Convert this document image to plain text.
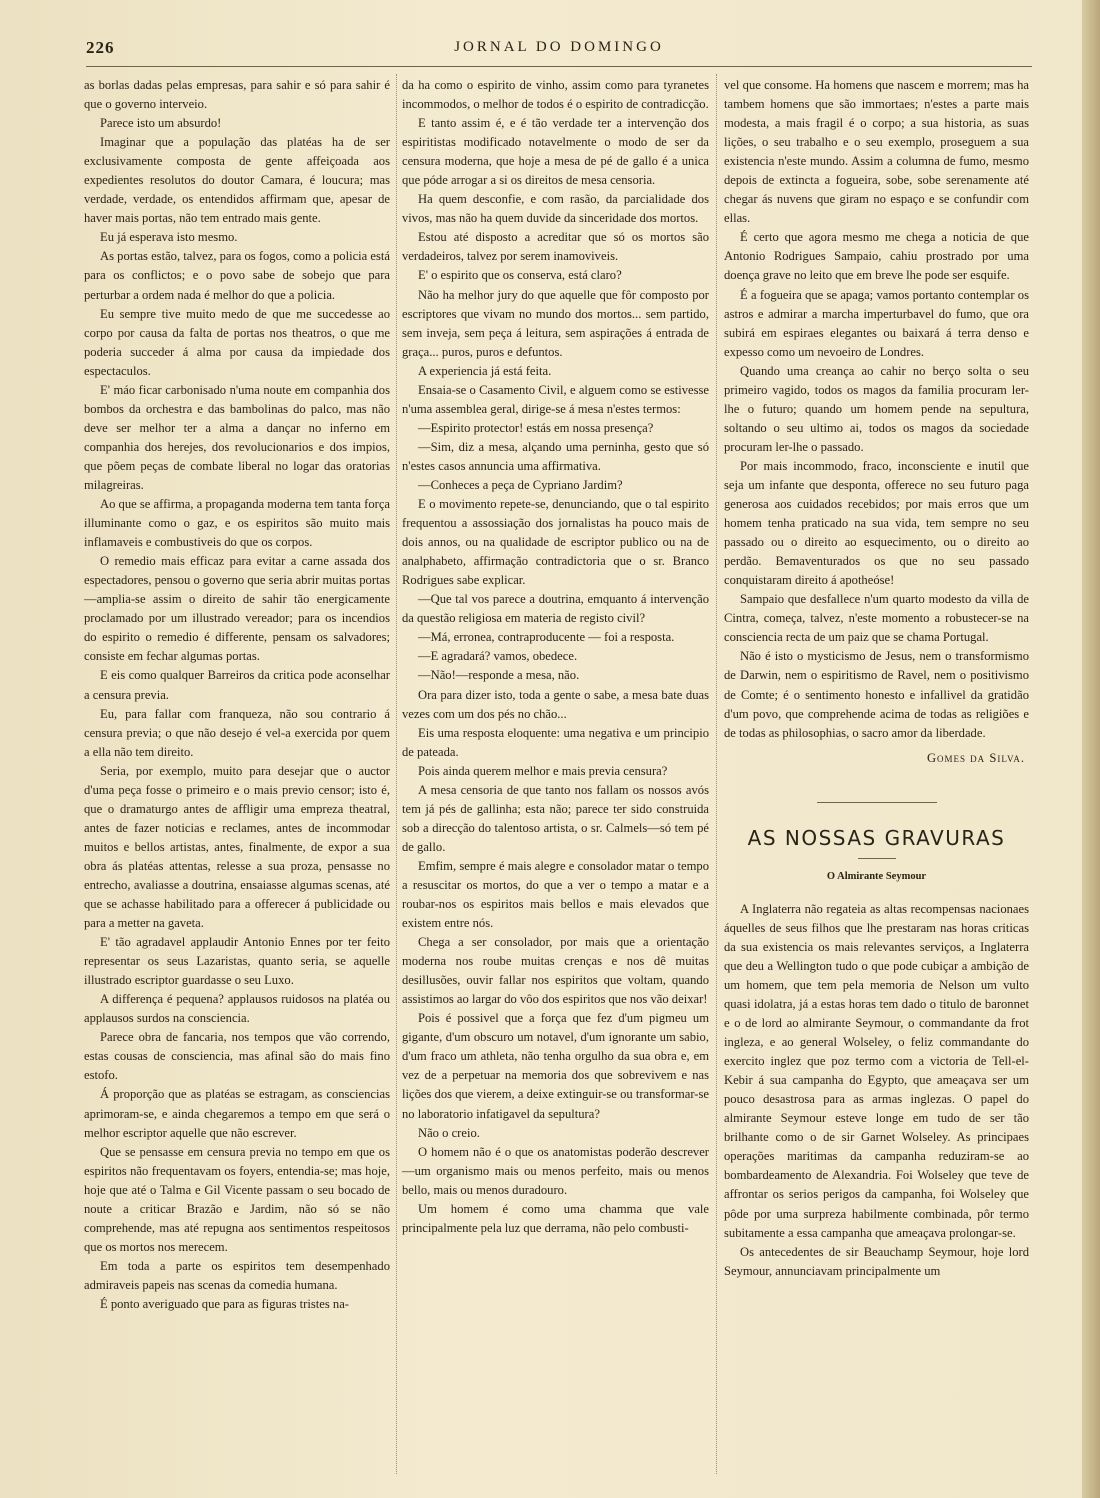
226	JORNAL DO DOMINGO

as borlas dadas pelas empresas, para sahir e só para sahir é que o governo interveio.

Parece isto um absurdo!

Imaginar que a população das platéas ha de ser exclusivamente composta de gente affeiçoada aos expedientes resolutos do doutor Camara, é loucura; mas verdade, verdade, os entendidos affirmam que, apesar de haver mais portas, não tem entrado mais gente.

Eu já esperava isto mesmo.

As portas estão, talvez, para os fogos, como a policia está para os conflictos; e o povo sabe de sobejo que para perturbar a ordem nada é melhor do que a policia.

Eu sempre tive muito medo de que me succedesse ao corpo por causa da falta de portas nos theatros, o que me poderia succeder á alma por causa da impiedade dos espectaculos.

E' máo ficar carbonisado n'uma noute em companhia dos bombos da orchestra e das bambolinas do palco, mas não deve ser melhor ter a alma a dançar no inferno em companhia dos herejes, dos revolucionarios e dos impios, que põem peças de combate liberal no logar das oratorias milagreiras.

Ao que se affirma, a propaganda moderna tem tanta força illuminante como o gaz, e os espiritos são muito mais inflamaveis e combustiveis do que os corpos.

O remedio mais efficaz para evitar a carne assada dos espectadores, pensou o governo que seria abrir muitas portas—amplia-se assim o direito de sahir tão energicamente proclamado por um illustrado vereador; para os incendios do espirito o remedio é differente, pensam os salvadores; consiste em fechar algumas portas.

E eis como qualquer Barreiros da critica pode aconselhar a censura previa.

Eu, para fallar com franqueza, não sou contrario á censura previa; o que não desejo é vel-a exercida por quem a ella não tem direito.

Seria, por exemplo, muito para desejar que o auctor d'uma peça fosse o primeiro e o mais previo censor; isto é, que o dramaturgo antes de affligir uma empreza theatral, antes de fazer noticias e reclames, antes de incommodar muitos e bellos artistas, antes, finalmente, de expor a sua obra ás platéas attentas, relesse a sua proza, pensasse no entrecho, avaliasse a doutrina, ensaiasse algumas scenas, até que se achasse habilitado para a offerecer á publicidade ou para a metter na gaveta.

E' tão agradavel applaudir Antonio Ennes por ter feito representar os seus Lazaristas, quanto seria, se aquelle illustrado escriptor guardasse o seu Luxo.

A differença é pequena? applausos ruidosos na platéa ou applausos surdos na consciencia.

Parece obra de fancaria, nos tempos que vão correndo, estas cousas de consciencia, mas afinal são do mais fino estofo.

Á proporção que as platéas se estragam, as consciencias aprimoram-se, e ainda chegaremos a tempo em que será o melhor escriptor aquelle que não escrever.

Que se pensasse em censura previa no tempo em que os espiritos não frequentavam os foyers, entendia-se; mas hoje, hoje que até o Talma e Gil Vicente passam o seu bocado de noute a criticar Brazão e Jardim, não só se não comprehende, mas até repugna aos sentimentos respeitosos que os mortos nos merecem.

Em toda a parte os espiritos tem desempenhado admiraveis papeis nas scenas da comedia humana.

É ponto averiguado que para as figuras tristes na-

da ha como o espirito de vinho, assim como para tyranetes incommodos, o melhor de todos é o espirito de contradicção.

E tanto assim é, e é tão verdade ter a intervenção dos espiritistas modificado notavelmente o modo de ser da censura moderna, que hoje a mesa de pé de gallo é a unica que póde arrogar a si os direitos de mesa censoria.

Ha quem desconfie, e com rasão, da parcialidade dos vivos, mas não ha quem duvide da sinceridade dos mortos.

Estou até disposto a acreditar que só os mortos são verdadeiros, talvez por serem inamoviveis.

E' o espirito que os conserva, está claro?

Não ha melhor jury do que aquelle que fôr composto por escriptores que vivam no mundo dos mortos... sem partido, sem inveja, sem peça á leitura, sem aspirações á entrada de graça... puros, puros e defuntos.

A experiencia já está feita.

Ensaia-se o Casamento Civil, e alguem como se estivesse n'uma assemblea geral, dirige-se á mesa n'estes termos:

—Espirito protector! estás em nossa presença?

—Sim, diz a mesa, alçando uma perninha, gesto que só n'estes casos annuncia uma affirmativa.

—Conheces a peça de Cypriano Jardim?

E o movimento repete-se, denunciando, que o tal espirito frequentou a assossiação dos jornalistas ha pouco mais de dois annos, ou na qualidade de escriptor publico ou na de analphabeto, affirmação contradictoria que o sr. Branco Rodrigues sabe explicar.

—Que tal vos parece a doutrina, emquanto á intervenção da questão religiosa em materia de registo civil?

—Má, erronea, contraproducente — foi a resposta.

—E agradará? vamos, obedece.

—Não!—responde a mesa, não.

Ora para dizer isto, toda a gente o sabe, a mesa bate duas vezes com um dos pés no chão...

Eis uma resposta eloquente: uma negativa e um principio de pateada.

Pois ainda querem melhor e mais previa censura?

A mesa censoria de que tanto nos fallam os nossos avós tem já pés de gallinha; esta não; parece ter sido construida sob a direcção do talentoso artista, o sr. Calmels—só tem pé de gallo.

Emfim, sempre é mais alegre e consolador matar o tempo a resuscitar os mortos, do que a ver o tempo a matar e a roubar-nos os espiritos mais bellos e mais elevados que existem entre nós.

Chega a ser consolador, por mais que a orientação moderna nos roube muitas crenças e nos dê muitas desillusões, ouvir fallar nos espiritos que voltam, quando assistimos ao largar do vôo dos espiritos que nos vão deixar!

Pois é possivel que a força que fez d'um pigmeu um gigante, d'um obscuro um notavel, d'um ignorante um sabio, d'um fraco um athleta, não tenha orgulho da sua obra e, em vez de a perpetuar na memoria dos que sobrevivem e nas lições dos que vierem, a deixe extinguir-se ou transformar-se no laboratorio infatigavel da sepultura?

Não o creio.

O homem não é o que os anatomistas poderão descrever—um organismo mais ou menos perfeito, mais ou menos bello, mais ou menos duradouro.

Um homem é como uma chamma que vale principalmente pela luz que derrama, não pelo combusti-

vel que consome. Ha homens que nascem e morrem; mas ha tambem homens que são immortaes; n'estes a parte mais modesta, a mais fragil é o corpo; a sua historia, as suas lições, o seu trabalho e o seu exemplo, proseguem a sua existencia n'este mundo. Assim a columna de fumo, mesmo depois de extincta a fogueira, sobe, sobe serenamente até chegar ás nuvens que giram no espaço e se confundir com ellas.

É certo que agora mesmo me chega a noticia de que Antonio Rodrigues Sampaio, cahiu prostrado por uma doença grave no leito que em breve lhe pode ser esquife.

É a fogueira que se apaga; vamos portanto contemplar os astros e admirar a marcha imperturbavel do fumo, que ora subirá em espiraes elegantes ou baixará á terra denso e expesso como um nevoeiro de Londres.

Quando uma creança ao cahir no berço solta o seu primeiro vagido, todos os magos da familia procuram ler-lhe o futuro; quando um homem pende na sepultura, soltando o seu ultimo ai, todos os magos da sociedade procuram ler-lhe o passado.

Por mais incommodo, fraco, inconsciente e inutil que seja um infante que desponta, offerece no seu futuro paga generosa aos cuidados recebidos; por mais erros que um homem tenha praticado na sua vida, tem sempre no seu passado ou o direito ao esquecimento, ou o direito ao perdão. Bemaventurados os que no seu passado conquistaram direito á apotheóse!

Sampaio que desfallece n'um quarto modesto da villa de Cintra, começa, talvez, n'este momento a robustecer-se na consciencia recta de um paiz que se chama Portugal.

Não é isto o mysticismo de Jesus, nem o transformismo de Darwin, nem o espiritismo de Ravel, nem o positivismo de Comte; é o sentimento honesto e infallivel da gratidão d'um povo, que comprehende acima de todas as religiões e de todas as philosophias, o sacro amor da liberdade.

Gomes da Silva.
AS NOSSAS GRAVURAS
O Almirante Seymour

A Inglaterra não regateia as altas recompensas nacionaes áquelles de seus filhos que lhe prestaram nas horas criticas da sua existencia os mais relevantes serviços, a Inglaterra que deu a Wellington tudo o que pode cubiçar a ambição de um homem, que tem pela memoria de Nelson um vulto quasi idolatra, já a estas horas tem dado o titulo de baronnet e o de lord ao almirante Seymour, o commandante da frot ingleza, e ao general Wolseley, o feliz commandante do exercito inglez que poz termo com a victoria de Tell-el-Kebir á sua campanha do Egypto, que ameaçava ser um pouco desastrosa para as armas inglezas. O papel do almirante Seymour esteve longe em tudo de ser tão brilhante como o de sir Garnet Wolseley. As principaes operações maritimas da campanha reduziram-se ao bombardeamento de Alexandria. Foi Wolseley que teve de affrontar os serios perigos da campanha, foi Wolseley que pôde por uma surpreza habilmente combinada, pôr termo subitamente a essa campanha que ameaçava prolongar-se.

Os antecedentes de sir Beauchamp Seymour, hoje lord Seymour, annunciavam principalmente um
